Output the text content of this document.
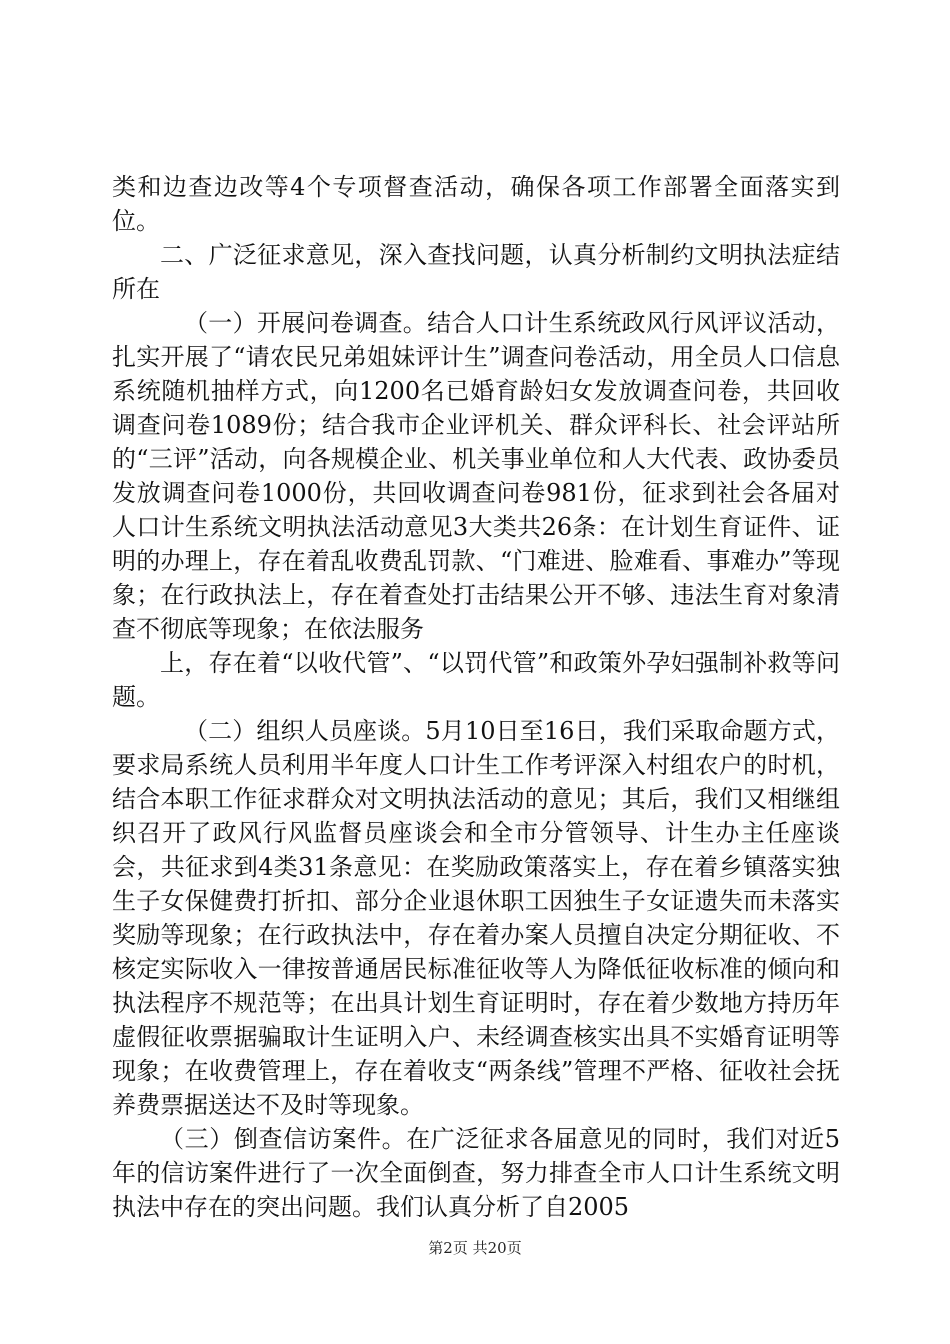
类和边查边改等4个专项督查活动，确保各项工作部署全面落实到位。

二、广泛征求意见，深入查找问题，认真分析制约文明执法症结所在

（一）开展问卷调查。结合人口计生系统政风行风评议活动，扎实开展了“请农民兄弟姐妹评计生”调查问卷活动，用全员人口信息系统随机抽样方式，向1200名已婚育龄妇女发放调查问卷，共回收调查问卷1089份；结合我市企业评机关、群众评科长、社会评站所的“三评”活动，向各规模企业、机关事业单位和人大代表、政协委员发放调查问卷1000份，共回收调查问卷981份，征求到社会各届对人口计生系统文明执法活动意见3大类共26条：在计划生育证件、证明的办理上，存在着乱收费乱罚款、“门难进、脸难看、事难办”等现象；在行政执法上，存在着查处打击结果公开不够、违法生育对象清查不彻底等现象；在依法服务

上，存在着“以收代管”、“以罚代管”和政策外孕妇强制补救等问题。

（二）组织人员座谈。5月10日至16日，我们采取命题方式，要求局系统人员利用半年度人口计生工作考评深入村组农户的时机，结合本职工作征求群众对文明执法活动的意见；其后，我们又相继组织召开了政风行风监督员座谈会和全市分管领导、计生办主任座谈会，共征求到4类31条意见：在奖励政策落实上，存在着乡镇落实独生子女保健费打折扣、部分企业退休职工因独生子女证遗失而未落实奖励等现象；在行政执法中，存在着办案人员擅自决定分期征收、不核定实际收入一律按普通居民标准征收等人为降低征收标准的倾向和执法程序不规范等；在出具计划生育证明时，存在着少数地方持历年虚假征收票据骗取计生证明入户、未经调查核实出具不实婚育证明等现象；在收费管理上，存在着收支“两条线”管理不严格、征收社会抚养费票据送达不及时等现象。

（三）倒查信访案件。在广泛征求各届意见的同时，我们对近5年的信访案件进行了一次全面倒查，努力排查全市人口计生系统文明执法中存在的突出问题。我们认真分析了自2005

第2页 共20页
